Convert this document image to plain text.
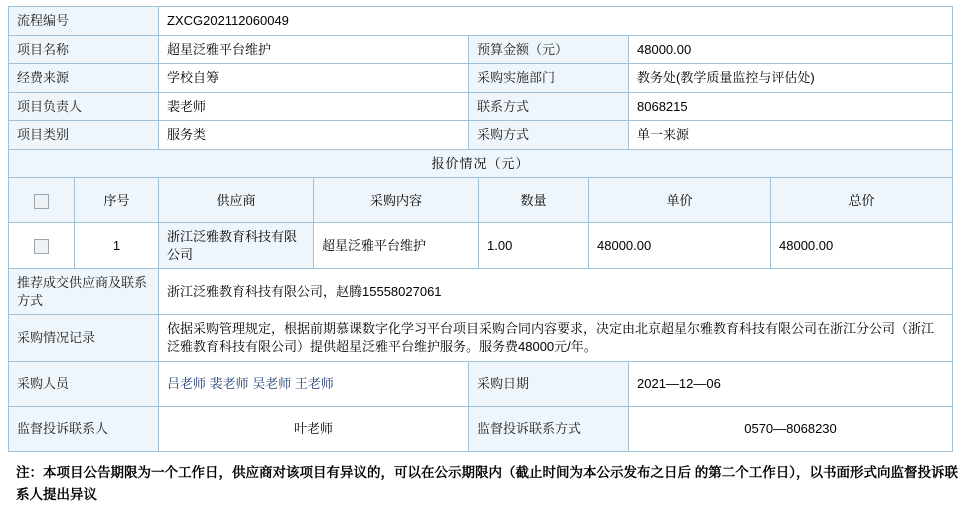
流程编号	ZXCG202112060049		
项目名称	超星泛雅平台维护	预算金额（元）	48000.00
经费来源	学校自筹	采购实施部门	教务处(教学质量监控与评估处)
项目负责人	裴老师	联系方式	8068215
项目类别	服务类	采购方式	单一来源
报价情况（元）			
	序号	供应商	采购内容	数量	单价	总价
	1	浙江泛雅教育科技有限公司	超星泛雅平台维护	1.00	48000.00	48000.00
推荐成交供应商及联系方式	浙江泛雅教育科技有限公司，赵腾15558027061		
采购情况记录	依据采购管理规定，根据前期慕课数字化学习平台项目采购合同内容要求，决定由北京超星尔雅教育科技有限公司在浙江分公司（浙江泛雅教育科技有限公司）提供超星泛雅平台维护服务。服务费48000元/年。		
采购人员	吕老师 裴老师 吴老师 王老师	采购日期	2021—12—06
监督投诉联系人	叶老师	监督投诉联系方式	0570—8068230
注：本项目公告期限为一个工作日，供应商对该项目有异议的，可以在公示期限内（截止时间为本公示发布之日后 的第二个工作日），以书面形式向监督投诉联系人提出异议
